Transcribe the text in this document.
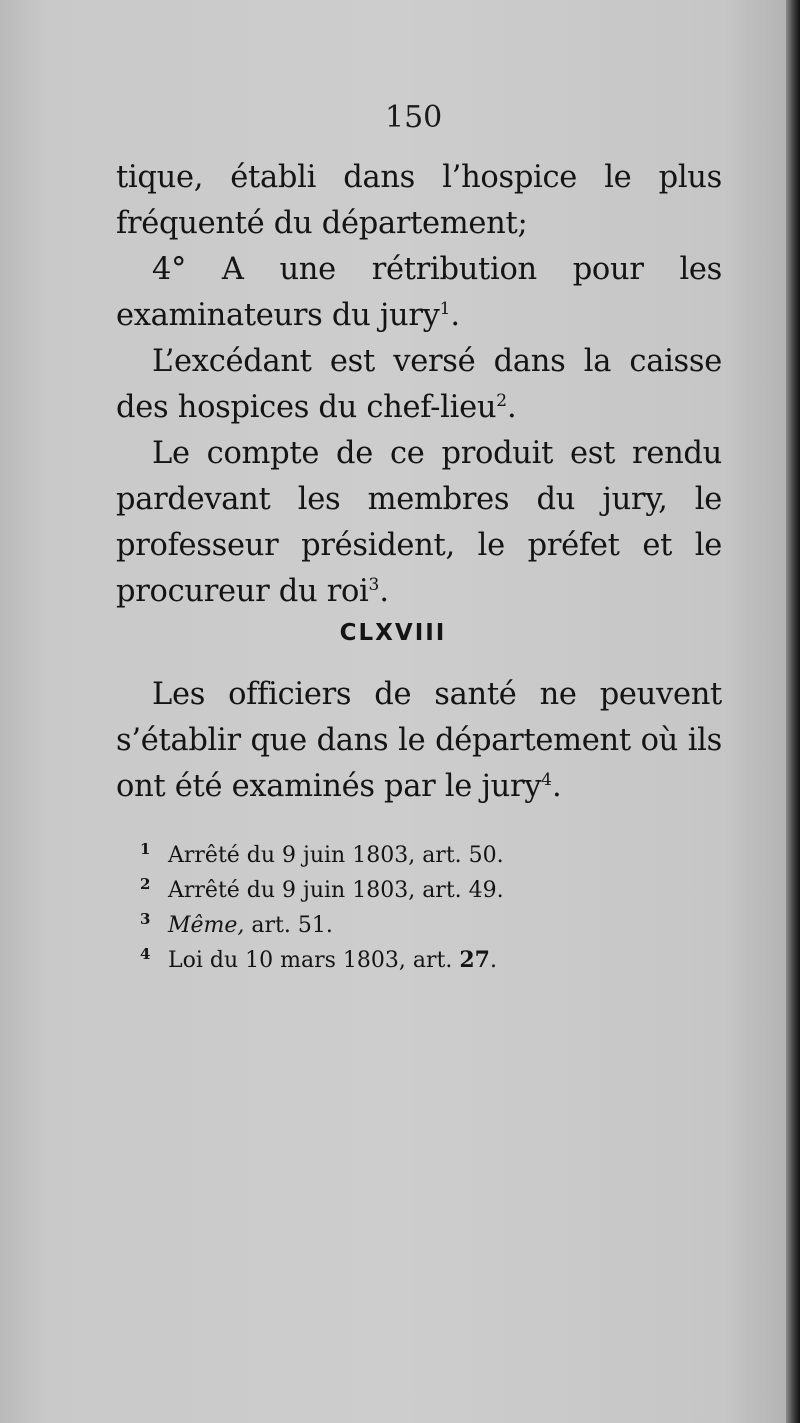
150

tique, établi dans l’hospice le plus fréquenté du département;

4° A une rétribution pour les examinateurs du jury$^1$.

L’excédant est versé dans la caisse des hospices du chef-lieu$^2$.

Le compte de ce produit est rendu pardevant les membres du jury, le professeur président, le préfet et le procureur du roi$^3$.

CLXVIII

Les officiers de santé ne peuvent s’établir que dans le département où ils ont été examinés par le jury$^4$.

1 Arrêté du 9 juin 1803, art. 50.
2 Arrêté du 9 juin 1803, art. 49.
3 Même, art. 51.
4 Loi du 10 mars 1803, art. 27.
